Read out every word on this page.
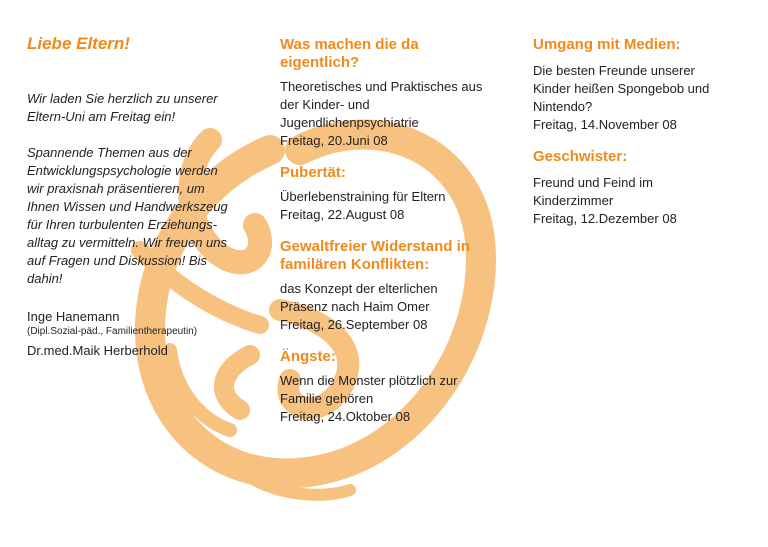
Liebe Eltern!

Wir laden Sie herzlich zu unserer

Eltern-Uni am Freitag ein!

Spannende Themen aus der

Entwicklungspsychologie werden

wir praxisnah präsentieren, um

Ihnen Wissen und Handwerkszeug

für Ihren turbulenten Erziehungs-

alltag zu vermitteln. Wir freuen uns

auf Fragen und Diskussion! Bis

dahin!

Inge Hanemann

(Dipl.Sozial-päd., Familientherapeutin)

Dr.med.Maik Herberhold

Was machen die da

eigentlich?

Theoretisches und Praktisches aus

der Kinder- und

Jugendlichenpsychiatrie

Freitag, 20.Juni 08

Pubertät:

Überlebenstraining für Eltern

Freitag, 22.August 08

Gewaltfreier Widerstand in

familären Konflikten:

das Konzept der elterlichen

Präsenz nach Haim Omer

Freitag, 26.September 08

Ängste:

Wenn die Monster plötzlich zur

Familie gehören

Freitag, 24.Oktober 08

Umgang mit Medien:

Die besten Freunde unserer

Kinder heißen Spongebob und

Nintendo?

Freitag, 14.November 08

Geschwister:

Freund und Feind im

Kinderzimmer

Freitag, 12.Dezember 08
